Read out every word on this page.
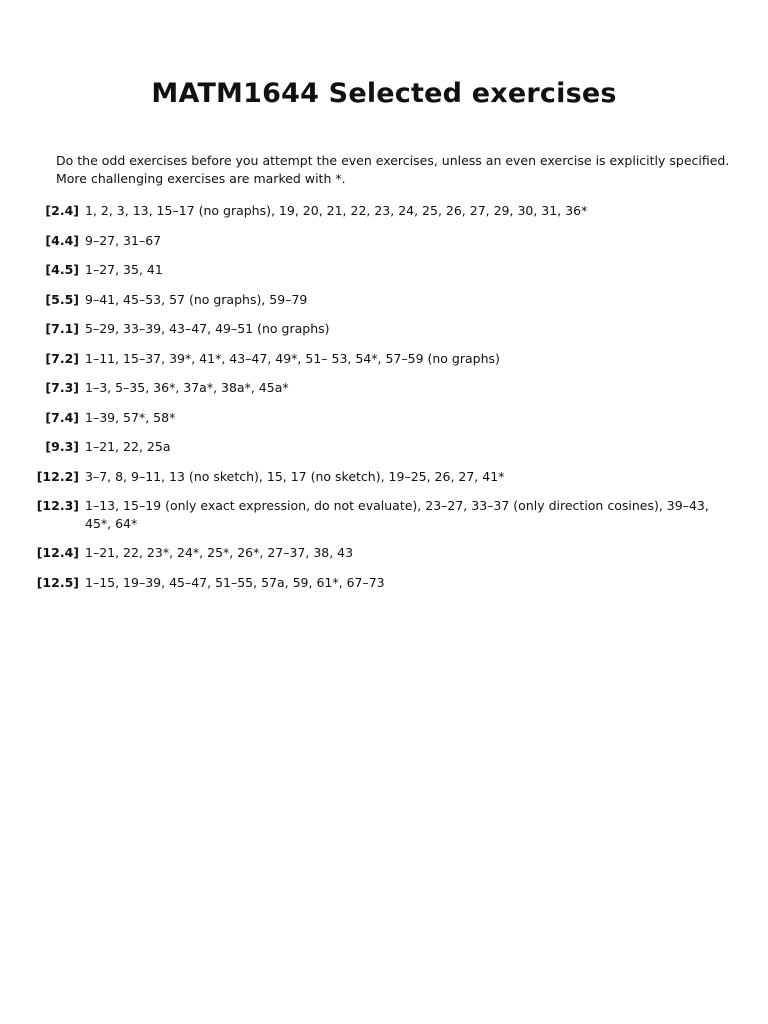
MATM1644 Selected exercises

Do the odd exercises before you attempt the even exercises, unless an even exercise is explicitly specified.

More challenging exercises are marked with *.

[2.4] 1, 2, 3, 13, 15–17 (no graphs), 19, 20, 21, 22, 23, 24, 25, 26, 27, 29, 30, 31, 36*
[4.4] 9–27, 31–67
[4.5] 1–27, 35, 41
[5.5] 9–41, 45–53, 57 (no graphs), 59–79
[7.1] 5–29, 33–39, 43–47, 49–51 (no graphs)
[7.2] 1–11, 15–37, 39*, 41*, 43–47, 49*, 51– 53, 54*, 57–59 (no graphs)
[7.3] 1–3, 5–35, 36*, 37a*, 38a*, 45a*
[7.4] 1–39, 57*, 58*
[9.3] 1–21, 22, 25a
[12.2] 3–7, 8, 9–11, 13 (no sketch), 15, 17 (no sketch), 19–25, 26, 27, 41*
[12.3] 1–13, 15–19 (only exact expression, do not evaluate), 23–27, 33–37 (only direction cosines), 39–43, 45*, 64*
[12.4] 1–21, 22, 23*, 24*, 25*, 26*, 27–37, 38, 43
[12.5] 1–15, 19–39, 45–47, 51–55, 57a, 59, 61*, 67–73
